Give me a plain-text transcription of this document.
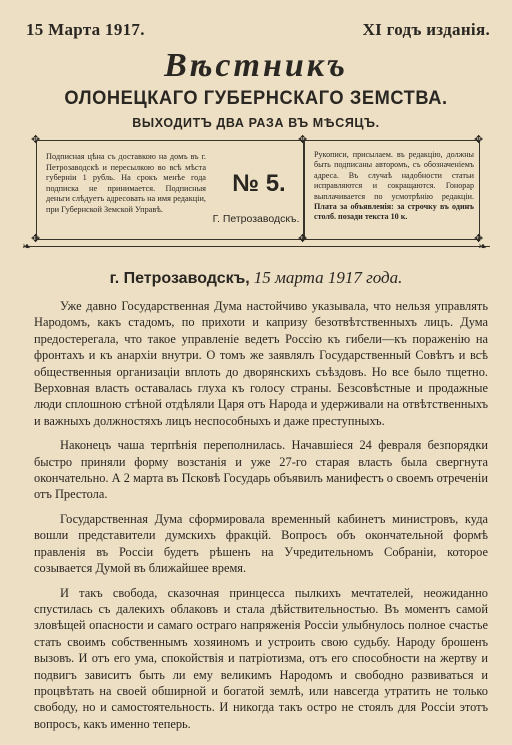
15 Марта 1917.	XI годъ изданія.
Вѣстникъ
ОЛОНЕЦКАГО ГУБЕРНСКАГО ЗЕМСТВА.
ВЫХОДИТЪ ДВА РАЗА ВЪ МѢСЯЦЪ.
✥	✥	✥
✥	✥	✥
Подписная цѣна съ доставкою на домъ въ г. Петрозаводскѣ и пересылкою во всѣ мѣста губерніи 1 рубль. На срокъ менѣе года подписка не принимается. Подписныя деньги слѣдуетъ адресовать на имя редакціи, при Губернской Земской Управѣ.
№ 5.
Г. Петрозаводскъ.
Рукописи, присылаем. въ редакцію, должны быть подписаны авторомъ, съ обозначеніемъ адреса. Въ случаѣ надобности статьи исправляются и сокращаются. Гонорар выплачивается по усмотрѣнію редакціи. Плата за объявленія: за строчку въ одинъ столб. позади текста 10 к.
❧	❧
г. Петрозаводскъ, 15 марта 1917 года.

Уже давно Государственная Дума настойчиво указывала, что нельзя управлять Народомъ, какъ стадомъ, по прихоти и капризу безотвѣтственныхъ лицъ. Дума предостерегала, что такое управленіе ведетъ Россію къ гибели—къ пораженію на фронтахъ и къ анархіи внутри. О томъ же заявлялъ Государственный Совѣтъ и всѣ общественныя организаціи вплоть до дворянскихъ съѣздовъ. Но все было тщетно. Верховная власть оставалась глуха къ голосу страны. Безсовѣстные и продажные люди сплошною стѣной отдѣляли Царя отъ Народа и удерживали на отвѣтственныхъ и важныхъ должностяхъ лицъ неспособныхъ и даже преступныхъ.

Наконецъ чаша терпѣнія переполнилась. Начавшіеся 24 февраля безпорядки быстро приняли форму возстанія и уже 27-го старая власть была свергнута окончательно. А 2 марта въ Псковѣ Государь объявилъ манифестъ о своемъ отреченіи отъ Престола.

Государственная Дума сформировала временный кабинетъ министровъ, куда вошли представители думскихъ фракцій. Вопросъ объ окончательной формѣ правленія въ Россіи будетъ рѣшенъ на Учредительномъ Собраніи, которое созывается Думой въ ближайшее время.

И такъ свобода, сказочная принцесса пылкихъ мечтателей, неожиданно спустилась съ далекихъ облаковъ и стала дѣйствительностью. Въ моментъ самой зловѣщей опасности и самаго остраго напряженія Россіи улыбнулось полное счастье стать своимъ собственнымъ хозяиномъ и устроить свою судьбу. Народу брошенъ вызовъ. И отъ его ума, спокойствія и патріотизма, отъ его способности на жертву и подвигъ зависитъ быть ли ему великимъ Народомъ и свободно развиваться и процвѣтать на своей обширной и богатой землѣ, или навсегда утратить не только свободу, но и самостоятельность. И никогда такъ остро не стоялъ для Россіи этотъ вопросъ, какъ именно теперь.
